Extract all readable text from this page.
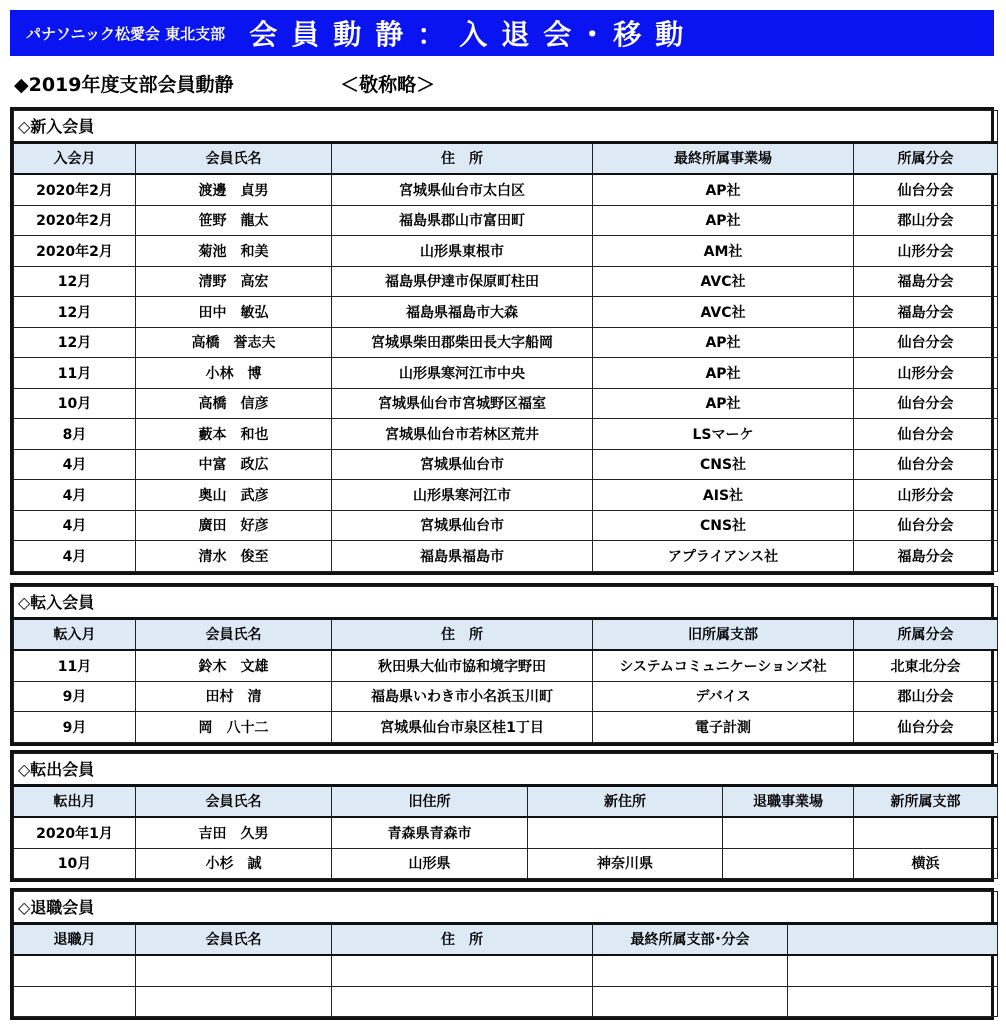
パナソニック松愛会 東北支部 会員動静：入退会･移動
◆2019年度支部会員動静	＜敬称略＞
◇新入会員				
入会月	会員氏名	住　所	最終所属事業場	所属分会
2020年2月	渡邊　貞男	宮城県仙台市太白区	AP社	仙台分会
2020年2月	笹野　龍太	福島県郡山市富田町	AP社	郡山分会
2020年2月	菊池　和美	山形県東根市	AM社	山形分会
12月	清野　高宏	福島県伊達市保原町柱田	AVC社	福島分会
12月	田中　敏弘	福島県福島市大森	AVC社	福島分会
12月	高橋　誉志夫	宮城県柴田郡柴田長大字船岡	AP社	仙台分会
11月	小林　博	山形県寒河江市中央	AP社	山形分会
10月	高橋　信彦	宮城県仙台市宮城野区福室	AP社	仙台分会
8月	藪本　和也	宮城県仙台市若林区荒井	LSマーケ	仙台分会
4月	中富　政広	宮城県仙台市	CNS社	仙台分会
4月	奥山　武彦	山形県寒河江市	AIS社	山形分会
4月	廣田　好彦	宮城県仙台市	CNS社	仙台分会
4月	清水　俊至	福島県福島市	アプライアンス社	福島分会
◇転入会員				
転入月	会員氏名	住　所	旧所属支部	所属分会
11月	鈴木　文雄	秋田県大仙市協和境字野田	システムコミュニケーションズ社	北東北分会
9月	田村　清	福島県いわき市小名浜玉川町	デバイス	郡山分会
9月	岡　八十二	宮城県仙台市泉区桂1丁目	電子計測	仙台分会
◇転出会員					
転出月	会員氏名	旧住所	新住所	退職事業場	新所属支部
2020年1月	吉田　久男	青森県青森市			
10月	小杉　誠	山形県	神奈川県		横浜
◇退職会員				
退職月	会員氏名	住　所	最終所属支部･分会	
